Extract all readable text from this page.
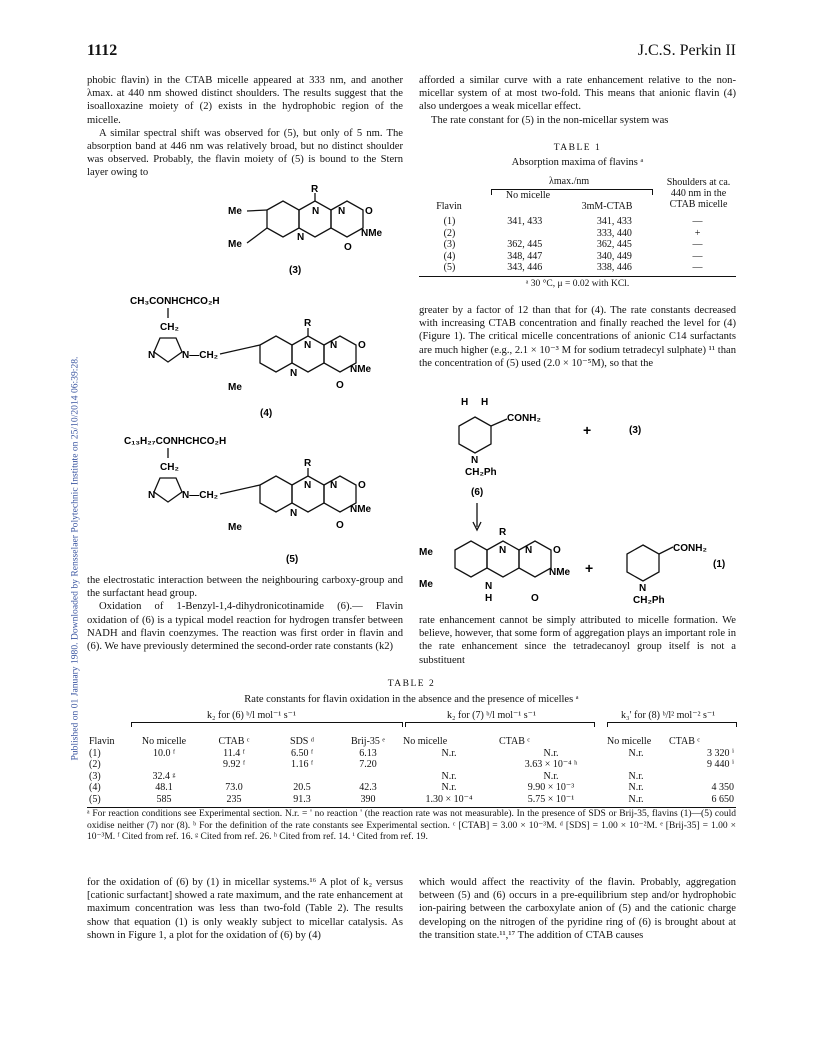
Published on 01 January 1980. Downloaded by Rensselaer Polytechnic Institute on 25/10/2014 06:39:28.
1112	J.C.S. Perkin II

phobic flavin) in the CTAB micelle appeared at 333 nm, and another λmax. at 440 nm showed distinct shoulders. The results suggest that the isoalloxazine moiety of (2) exists in the hydrophobic region of the micelle.

A similar spectral shift was observed for (5), but only of 5 nm. The absorption band at 446 nm was relatively broad, but no distinct shoulder was observed. Probably, the flavin moiety of (5) is bound to the Stern layer owing to

afforded a similar curve with a rate enhancement relative to the non-micellar system of at most two-fold. This means that anionic flavin (4) also undergoes a weak micellar effect.

The rate constant for (5) in the non-micellar system was

TABLE 1
Absorption maxima of flavins ᵃ
λmax./nm	Shoulders at ca. 440 nm in the CTAB micelle
Flavin
No micelle
3mM-CTAB
(1)	341, 433	341, 433	—
(2)		333, 440	+
(3)	362, 445	362, 445	—
(4)	348, 447	340, 449	—
(5)	343, 446	338, 446	—
ᵃ 30 °C, μ = 0.02 with KCl.
R
Me
Me
N N
N
O
NMe
O
(3)
CH₃CONHCHCO₂H
CH₂
N	N—CH₂
R
Me
N N O
NMe
N
O
(4)
C₁₃H₂₇CONHCHCO₂H
CH₂
N	N—CH₂
R
Me
N N O
NMe
N
O
(5)

the electrostatic interaction between the neighbouring carboxy-group and the surfactant head group.

Oxidation of 1-Benzyl-1,4-dihydronicotinamide (6).— Flavin oxidation of (6) is a typical model reaction for hydrogen transfer between NADH and flavin coenzymes. The reaction was first order in flavin and (6). We have previously determined the second-order rate constants (k2)

greater by a factor of 12 than that for (4). The rate constants decreased with increasing CTAB concentration and finally reached the level for (4) (Figure 1). The critical micelle concentrations of anionic C14 surfactants are much higher (e.g., 2.1 × 10⁻³ M for sodium tetradecyl sulphate) ¹¹ than the concentration of (5) used (2.0 × 10⁻⁵M), so that the
H H
CONH₂
N
CH₂Ph
(6)
+	(3)
Me
Me
R
N N O
NMe
N
H	O
+
CONH₂
N
CH₂Ph
(1)
rate enhancement cannot be simply attributed to micelle formation. We believe, however, that some form of aggregation plays an important role in the rate enhancement since the tetradecanoyl group itself is not a substituent
TABLE 2
Rate constants for flavin oxidation in the absence and the presence of micelles ᵃ
k₂ for (6) ᵇ/l mol⁻¹ s⁻¹	k₂ for (7) ᵇ/l mol⁻¹ s⁻¹	k₃′ for (8) ᵇ/l² mol⁻² s⁻¹
Flavin	No micelle	CTAB ᶜ	SDS ᵈ	Brij-35 ᵉ	No micelle	CTAB ᶜ	No micelle	CTAB ᶜ
(1)	10.0 ᶠ	11.4 ᶠ	6.50 ᶠ	6.13	N.r.	N.r.	N.r.	3 320 ⁱ
(2)		9.92 ᶠ	1.16 ᶠ	7.20		3.63 × 10⁻⁴ ʰ		9 440 ⁱ
(3)	32.4 ᵍ				N.r.	N.r.	N.r.	
(4)	48.1	73.0	20.5	42.3	N.r.	9.90 × 10⁻³	N.r.	4 350
(5)	585	235	91.3	390	1.30 × 10⁻⁴	5.75 × 10⁻¹	N.r.	6 650
ᵃ For reaction conditions see Experimental section. N.r. = ' no reaction ' (the reaction rate was not measurable). In the presence of SDS or Brij-35, flavins (1)—(5) could oxidise neither (7) nor (8). ᵇ For the definition of the rate constants see Experimental section. ᶜ [CTAB] = 3.00 × 10⁻³M. ᵈ [SDS] = 1.00 × 10⁻²M. ᵉ [Brij-35] = 1.00 × 10⁻³M. ᶠ Cited from ref. 16. ᵍ Cited from ref. 26. ʰ Cited from ref. 14. ⁱ Cited from ref. 19.
for the oxidation of (6) by (1) in micellar systems.¹⁶ A plot of k₂ versus [cationic surfactant] showed a rate maximum, and the rate enhancement at maximum concentration was less than two-fold (Table 2). The results show that equation (1) is only weakly subject to micellar catalysis. As shown in Figure 1, a plot for the oxidation of (6) by (4)
which would affect the reactivity of the flavin. Probably, aggregation between (5) and (6) occurs in a pre-equilibrium step and/or hydrophobic ion-pairing between the carboxylate anion of (5) and the cationic charge developing on the nitrogen of the pyridine ring of (6) is brought about at the transition state.¹¹,¹⁷ The addition of CTAB causes
